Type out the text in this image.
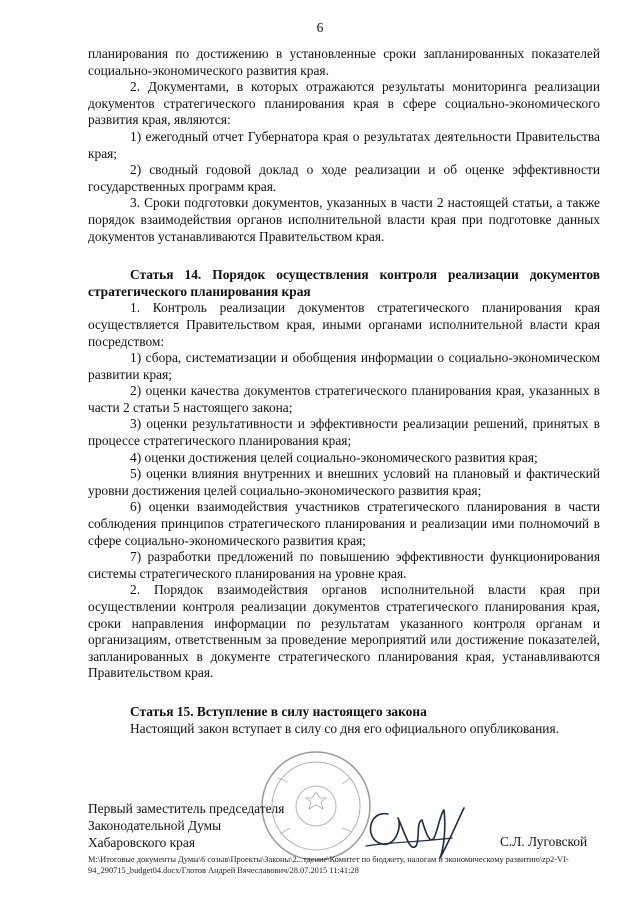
6

планирования по достижению в установленные сроки запланированных показателей социально-экономического развития края.

2. Документами, в которых отражаются результаты мониторинга реализации документов стратегического планирования края в сфере социально-экономического развития края, являются:

1) ежегодный отчет Губернатора края о результатах деятельности Правительства края;

2) сводный годовой доклад о ходе реализации и об оценке эффективности государственных программ края.

3. Сроки подготовки документов, указанных в части 2 настоящей статьи, а также порядок взаимодействия органов исполнительной власти края при подготовке данных документов устанавливаются Правительством края.

Статья 14. Порядок осуществления контроля реализации документов стратегического планирования края

1. Контроль реализации документов стратегического планирования края осуществляется Правительством края, иными органами исполнительной власти края посредством:

1) сбора, систематизации и обобщения информации о социально-экономическом развитии края;

2) оценки качества документов стратегического планирования края, указанных в части 2 статьи 5 настоящего закона;

3) оценки результативности и эффективности реализации решений, принятых в процессе стратегического планирования края;

4) оценки достижения целей социально-экономического развития края;

5) оценки влияния внутренних и внешних условий на плановый и фактический уровни достижения целей социально-экономического развития края;

6) оценки взаимодействия участников стратегического планирования в части соблюдения принципов стратегического планирования и реализации ими полномочий в сфере социально-экономического развития края;

7) разработки предложений по повышению эффективности функционирования системы стратегического планирования на уровне края.

2. Порядок взаимодействия органов исполнительной власти края при осуществлении контроля реализации документов стратегического планирования края, сроки направления информации по результатам указанного контроля органам и организациям, ответственным за проведение мероприятий или достижение показателей, запланированных в документе стратегического планирования края, устанавливаются Правительством края.

Статья 15. Вступление в силу настоящего закона

Настоящий закон вступает в силу со дня его официального опубликования.

Первый заместитель председателя
Законодательной Думы
Хабаровского края	С.Л. Луговской
М:\Итоговые документы Думы\6 созыв\Проекты\Законы\2...тдение\Комитет по бюджету, налогам и экономическому развитию\zp2-VI-94_290715_budget04.docx/Глотов Андрей Вячеславович/28.07.2015 11:41:28
